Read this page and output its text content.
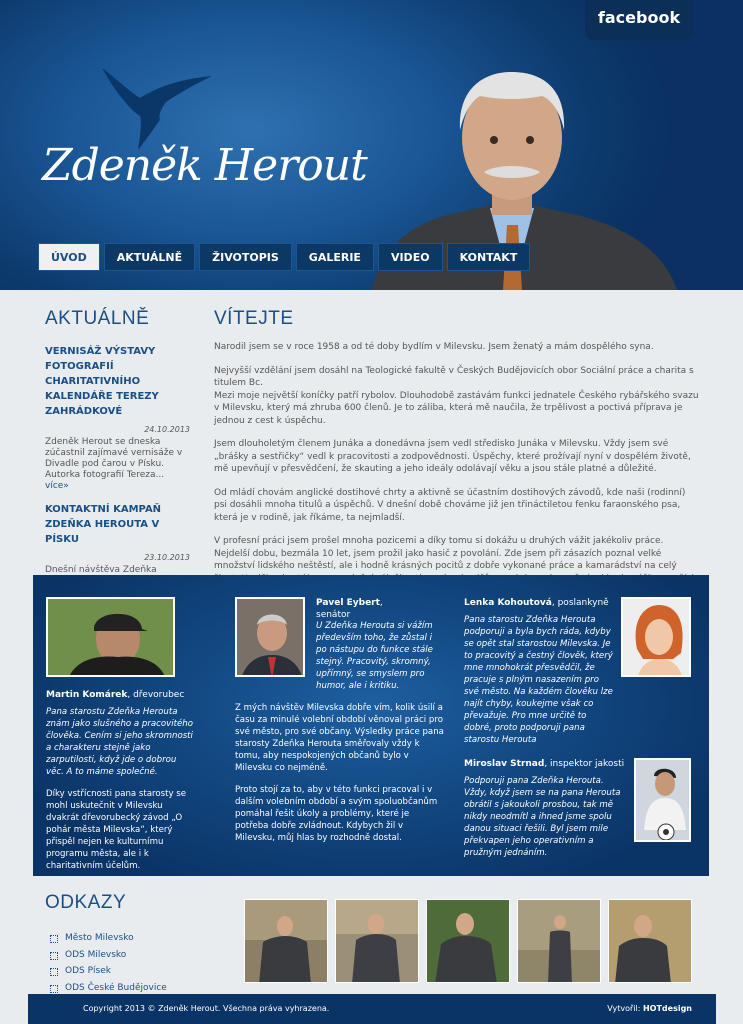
facebook
Zdeněk Herout
ÚVOD	AKTUÁLNĚ	ŽIVOTOPIS	GALERIE	VIDEO	KONTAKT
AKTUÁLNĚ
VERNISÁŽ VÝSTAVY FOTOGRAFIÍ CHARITATIVNÍHO KALENDÁŘE TEREZY ZAHRÁDKOVÉ
24.10.2013
Zdeněk Herout se dneska zúčastnil zajímavé vernisáže v Divadle pod čarou v Písku. Autorka fotografií Tereza... více»
KONTAKTNÍ KAMPAŇ ZDEŇKA HEROUTA V PÍSKU
23.10.2013
Dnešní návštěva Zdeňka
VÍTEJTE

Narodil jsem se v roce 1958 a od té doby bydlím v Milevsku. Jsem ženatý a mám dospělého syna.

Nejvyšší vzdělání jsem dosáhl na Teologické fakultě v Českých Budějovicích obor Sociální práce a charita s titulem Bc.

Mezi moje největší koníčky patří rybolov. Dlouhodobě zastávám funkci jednatele Českého rybářského svazu v Milevsku, který má zhruba 600 členů. Je to záliba, která mě naučila, že trpělivost a poctivá příprava je jednou z cest k úspěchu.

Jsem dlouholetým členem Junáka a donedávna jsem vedl středisko Junáka v Milevsku. Vždy jsem své „brášky a sestřičky“ vedl k pracovitosti a zodpovědnosti. Úspěchy, které prožívají nyní v dospělém životě, mě upevňují v přesvědčení, že skauting a jeho ideály odolávají věku a jsou stále platné a důležité.

Od mládí chovám anglické dostihové chrty a aktivně se účastním dostihových závodů, kde naši (rodinní) psi dosáhli mnoha titulů a úspěchů. V dnešní době chováme již jen třináctiletou fenku faraonského psa, která je v rodině, jak říkáme, ta nejmladší.

V profesní práci jsem prošel mnoha pozicemi a díky tomu si dokážu u druhých vážit jakékoliv práce. Nejdelší dobu, bezmála 10 let, jsem prožil jako hasič z povolání. Zde jsem při zásazích poznal velké množství lidského neštěstí, ale i hodně krásných pocitů z dobře vykonané práce a kamarádství na celý

Martin Komárek, dřevorubec
Pana starostu Zdeňka Herouta znám jako slušného a pracovitého člověka. Cením si jeho skromnosti a charakteru stejně jako zarputilosti, když jde o dobrou věc. A to máme společné.
Díky vstřícnosti pana starosty se mohl uskutečnit v Milevsku dvakrát dřevorubecký závod „O pohár města Milevska“, který přispěl nejen ke kulturnímu programu města, ale i k charitativním účelům.
Pavel Eybert, senátor
U Zdeňka Herouta si vážím především toho, že zůstal i po nástupu do funkce stále stejný. Pracovitý, skromný, upřímný, se smyslem pro humor, ale i kritiku.
Z mých návštěv Milevska dobře vím, kolik úsilí a času za minulé volební období věnoval práci pro své město, pro své občany. Výsledky práce pana starosty Zdeňka Herouta směřovaly vždy k tomu, aby nespokojených občanů bylo v Milevsku co nejméně.
Proto stojí za to, aby v této funkci pracoval i v dalším volebním období a svým spoluobčanům pomáhal řešit úkoly a problémy, které je potřeba dobře zvládnout. Kdybych žil v Milevsku, můj hlas by rozhodně dostal.
Lenka Kohoutová, poslankyně
Pana starostu Zdeňka Herouta podporuji a byla bych ráda, kdyby se opět stal starostou Milevska. Je to pracovitý a čestný člověk, který mne mnohokrát přesvědčil, že pracuje s plným nasazením pro své město. Na každém člověku lze najít chyby, koukejme však co převažuje. Pro mne určitě to dobré, proto podporuji pana starostu Herouta
Miroslav Strnad, inspektor jakosti
Podporuji pana Zdeňka Herouta. Vždy, když jsem se na pana Herouta obrátil s jakoukoli prosbou, tak mě nikdy neodmítl a ihned jsme spolu danou situaci řešili. Byl jsem mile překvapen jeho operativním a pružným jednáním.
ODKAZY
Město Milevsko
ODS Milevsko
ODS Písek
ODS České Budějovice
Copyright 2013 © Zdeněk Herout. Všechna práva vyhrazena.	Vytvořil: HOTdesign
